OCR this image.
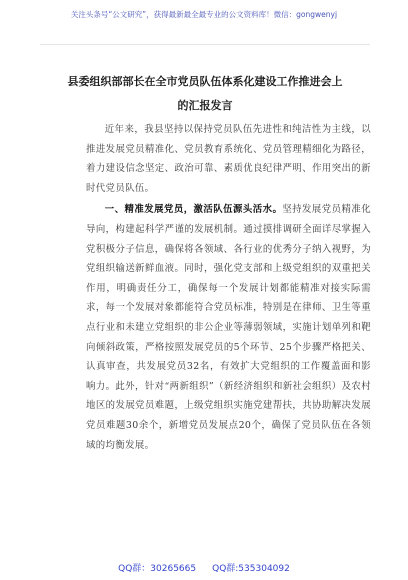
关注头条号“公文研究”，获得最新最全最专业的公文资料库！微信：gongwenyj
县委组织部部长在全市党员队伍体系化建设工作推进会上
的汇报发言

近年来，我县坚持以保持党员队伍先进性和纯洁性为主线，以推进发展党员精准化、党员教育系统化、党员管理精细化为路径，着力建设信念坚定、政治可靠、素质优良纪律严明、作用突出的新时代党员队伍。

一、精准发展党员，激活队伍源头活水。坚持发展党员精准化导向，构建起科学严谨的发展机制。通过摸排调研全面详尽掌握入党积极分子信息，确保将各领域、各行业的优秀分子纳入视野，为党组织输送新鲜血液。同时，强化党支部和上级党组织的双重把关作用，明确责任分工，确保每一个发展计划都能精准对接实际需求，每一个发展对象都能符合党员标准，特别是在律师、卫生等重点行业和未建立党组织的非公企业等薄弱领域，实施计划单列和靶向倾斜政策，严格按照发展党员的5个环节、25个步骤严格把关、认真审查，共发展党员32名，有效扩大党组织的工作覆盖面和影响力。此外，针对“两新组织”（新经济组织和新社会组织）及农村地区的发展党员难题，上级党组织实施党建帮扶，共协助解决发展党员难题30余个，新增党员发展点20个，确保了党员队伍在各领域的均衡发展。

QQ群：30265665 QQ群:535304092
